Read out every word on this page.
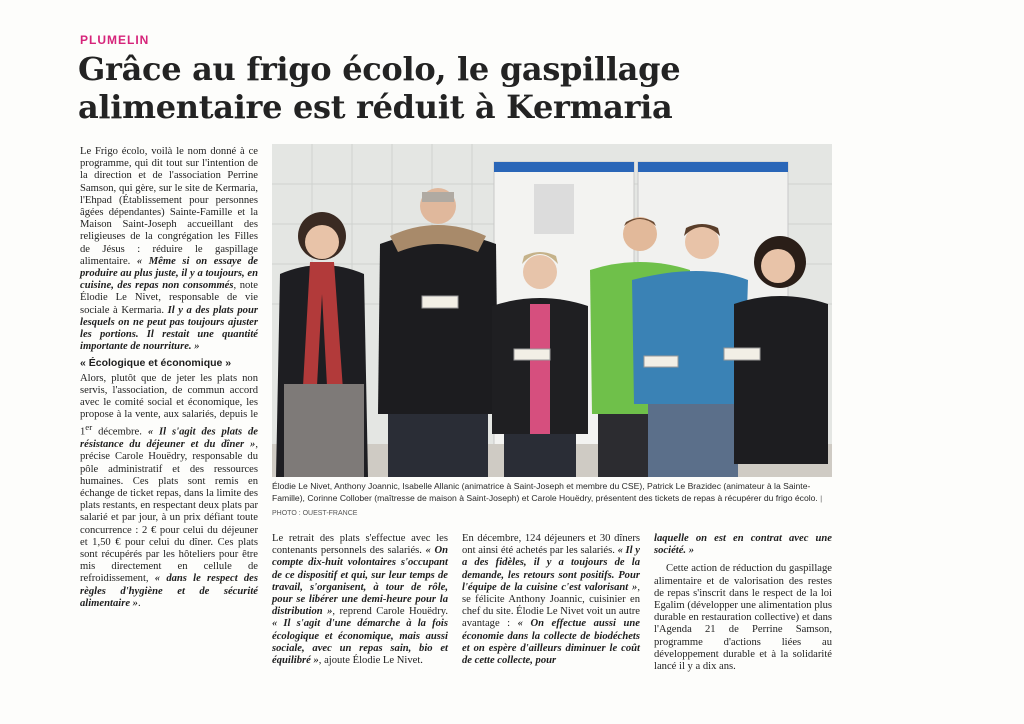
PLUMELIN
Grâce au frigo écolo, le gaspillage
alimentaire est réduit à Kermaria

Le Frigo écolo, voilà le nom donné à ce programme, qui dit tout sur l'intention de la direction et de l'association Perrine Samson, qui gère, sur le site de Kermaria, l'Ehpad (Établissement pour personnes âgées dépendantes) Sainte-Famille et la Maison Saint-Joseph accueillant des religieuses de la congrégation les Filles de Jésus : réduire le gaspillage alimentaire. « Même si on essaye de produire au plus juste, il y a toujours, en cuisine, des repas non consommés, note Élodie Le Nivet, responsable de vie sociale à Kermaria. Il y a des plats pour lesquels on ne peut pas toujours ajuster les portions. Il restait une quantité importante de nourriture. »

« Écologique et économique »

Alors, plutôt que de jeter les plats non servis, l'association, de commun accord avec le comité social et économique, les propose à la vente, aux salariés, depuis le 1er décembre. « Il s'agit des plats de résistance du déjeuner et du dîner », précise Carole Houëdry, responsable du pôle administratif et des ressources humaines. Ces plats sont remis en échange de ticket repas, dans la limite des plats restants, en respectant deux plats par salarié et par jour, à un prix défiant toute concurrence : 2 € pour celui du déjeuner et 1,50 € pour celui du dîner. Ces plats sont récupérés par les hôteliers pour être mis directement en cellule de refroidissement, « dans le respect des règles d'hygiène et de sécurité alimentaire ».

Élodie Le Nivet, Anthony Joannic, Isabelle Allanic (animatrice à Saint-Joseph et membre du CSE), Patrick Le Brazidec (animateur à la Sainte-Famille), Corinne Collober (maîtresse de maison à Saint-Joseph) et Carole Houëdry, présentent des tickets de repas à récupérer du frigo écolo. | PHOTO : OUEST-FRANCE

Le retrait des plats s'effectue avec les contenants personnels des salariés. « On compte dix-huit volontaires s'occupant de ce dispositif et qui, sur leur temps de travail, s'organisent, à tour de rôle, pour se libérer une demi-heure pour la distribution », reprend Carole Houëdry. « Il s'agit d'une démarche à la fois écologique et économique, mais aussi sociale, avec un repas sain, bio et équilibré », ajoute Élodie Le Nivet.

En décembre, 124 déjeuners et 30 dîners ont ainsi été achetés par les salariés. « Il y a des fidèles, il y a toujours de la demande, les retours sont positifs. Pour l'équipe de la cuisine c'est valorisant », se félicite Anthony Joannic, cuisinier en chef du site. Élodie Le Nivet voit un autre avantage : « On effectue aussi une économie dans la collecte de biodéchets et on espère d'ailleurs diminuer le coût de cette collecte, pour

laquelle on est en contrat avec une société. »

Cette action de réduction du gaspillage alimentaire et de valorisation des restes de repas s'inscrit dans le respect de la loi Egalim (développer une alimentation plus durable en restauration collective) et dans l'Agenda 21 de Perrine Samson, programme d'actions liées au développement durable et à la solidarité lancé il y a dix ans.
